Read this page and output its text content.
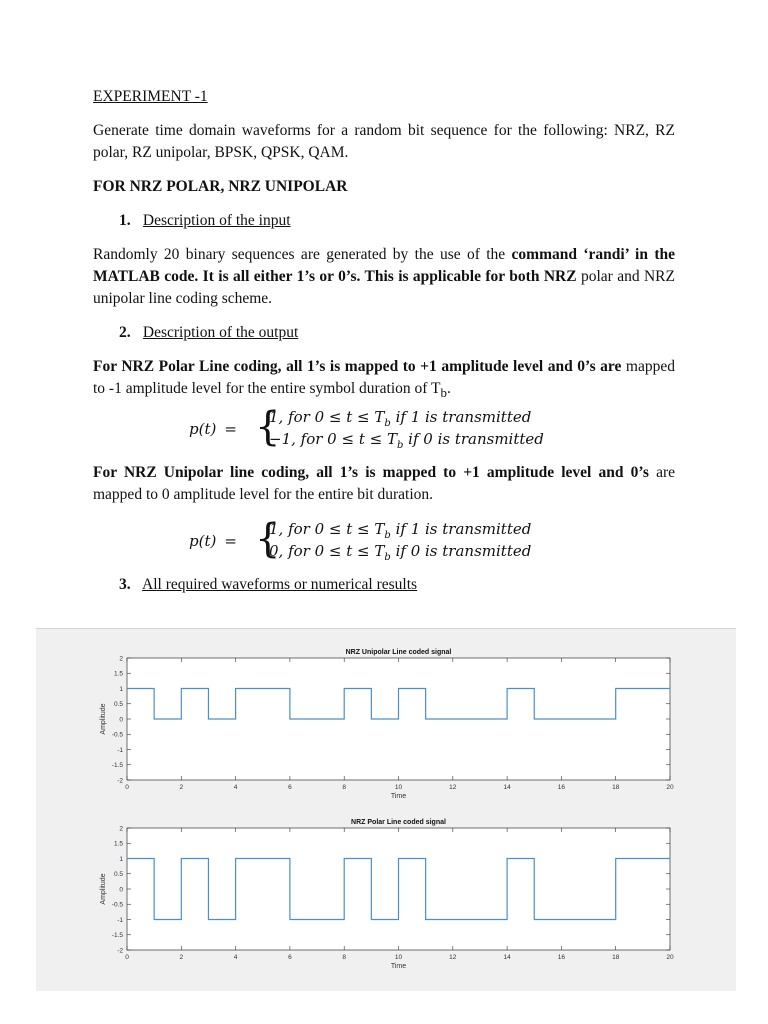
EXPERIMENT -1

Generate time domain waveforms for a random bit sequence for the following: NRZ, RZ polar, RZ unipolar, BPSK, QPSK, QAM.

FOR NRZ POLAR, NRZ UNIPOLAR
1. Description of the input

Randomly 20 binary sequences are generated by the use of the command ‘randi’ in the MATLAB code. It is all either 1’s or 0’s. This is applicable for both NRZ polar and NRZ unipolar line coding scheme.

2. Description of the output

For NRZ Polar Line coding, all 1’s is mapped to +1 amplitude level and 0’s are mapped to -1 amplitude level for the entire symbol duration of $T_b$.

p(t) = {
1, for $0 \le t \le T_b$ if 1 is transmitted
−1, for $0 \le t \le T_b$ if 0 is transmitted

For NRZ Unipolar line coding, all 1’s is mapped to +1 amplitude level and 0’s are mapped to 0 amplitude level for the entire bit duration.

p(t) = {
1, for $0 \le t \le T_b$ if 1 is transmitted
0, for $0 \le t \le T_b$ if 0 is transmitted
3. All required waveforms or numerical results
0	2	4	6	8	10	12	14	16	18	20
-2
-1.5
-1
-0.5
0
0.5
1
1.5
2
NRZ Unipolar Line coded signal
Time
Amplitude
0	2	4	6	8	10	12	14	16	18	20
-2
-1.5
-1
-0.5
0
0.5
1
1.5
2
NRZ Polar Line coded signal
Time
Amplitude
